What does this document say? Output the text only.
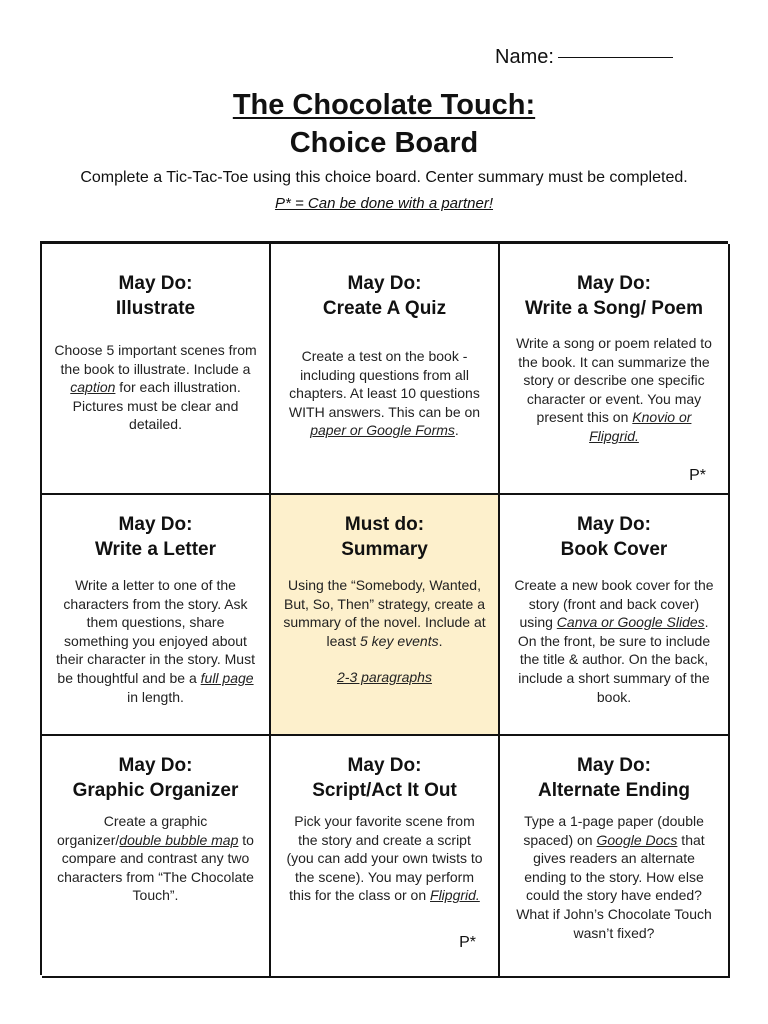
Name:
The Chocolate Touch:
Choice Board
Complete a Tic-Tac-Toe using this choice board. Center summary must be completed.
P* = Can be done with a partner!
May Do:
Illustrate
Choose 5 important scenes from the book to illustrate. Include a caption for each illustration. Pictures must be clear and detailed.
May Do:
Create A Quiz
Create a test on the book - including questions from all chapters. At least 10 questions WITH answers. This can be on paper or Google Forms.
May Do:
Write a Song/ Poem
Write a song or poem related to the book. It can summarize the story or describe one specific character or event. You may present this on Knovio or Flipgrid.
P*
May Do:
Write a Letter
Write a letter to one of the characters from the story. Ask them questions, share something you enjoyed about their character in the story. Must be thoughtful and be a full page in length.
Must do:
Summary
Using the “Somebody, Wanted, But, So, Then” strategy, create a summary of the novel. Include at least 5 key events.
2-3 paragraphs
May Do:
Book Cover
Create a new book cover for the story (front and back cover) using Canva or Google Slides. On the front, be sure to include the title & author. On the back, include a short summary of the book.
May Do:
Graphic Organizer
Create a graphic organizer/double bubble map to compare and contrast any two characters from “The Chocolate Touch”.
May Do:
Script/Act It Out
Pick your favorite scene from the story and create a script (you can add your own twists to the scene). You may perform this for the class or on Flipgrid.
P*
May Do:
Alternate Ending
Type a 1-page paper (double spaced) on Google Docs that gives readers an alternate ending to the story. How else could the story have ended? What if John’s Chocolate Touch wasn’t fixed?
